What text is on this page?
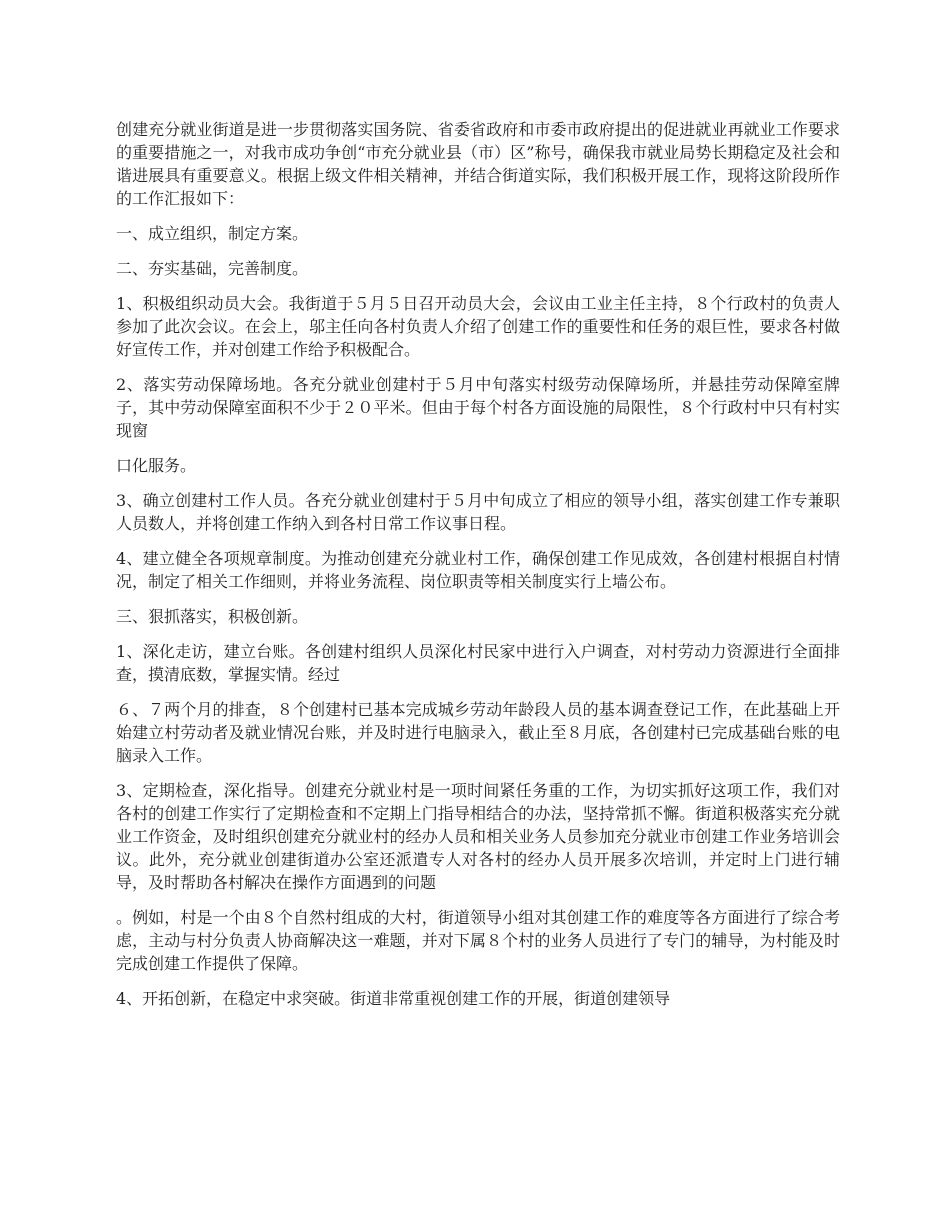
创建充分就业街道是进一步贯彻落实国务院、省委省政府和市委市政府提出的促进就业再就业工作要求的重要措施之一，对我市成功争创“市充分就业县（市）区”称号，确保我市就业局势长期稳定及社会和谐进展具有重要意义。根据上级文件相关精神，并结合街道实际，我们积极开展工作，现将这阶段所作的工作汇报如下：

一、成立组织，制定方案。

二、夯实基础，完善制度。

1、积极组织动员大会。我街道于５月５日召开动员大会，会议由工业主任主持，８个行政村的负责人参加了此次会议。在会上，邬主任向各村负责人介绍了创建工作的重要性和任务的艰巨性，要求各村做好宣传工作，并对创建工作给予积极配合。

2、落实劳动保障场地。各充分就业创建村于５月中旬落实村级劳动保障场所，并悬挂劳动保障室牌子，其中劳动保障室面积不少于２０平米。但由于每个村各方面设施的局限性，８个行政村中只有村实现窗

口化服务。

3、确立创建村工作人员。各充分就业创建村于５月中旬成立了相应的领导小组，落实创建工作专兼职人员数人，并将创建工作纳入到各村日常工作议事日程。

4、建立健全各项规章制度。为推动创建充分就业村工作，确保创建工作见成效，各创建村根据自村情况，制定了相关工作细则，并将业务流程、岗位职责等相关制度实行上墙公布。

三、狠抓落实，积极创新。

1、深化走访，建立台账。各创建村组织人员深化村民家中进行入户调查，对村劳动力资源进行全面排查，摸清底数，掌握实情。经过

６、７两个月的排查，８个创建村已基本完成城乡劳动年龄段人员的基本调查登记工作，在此基础上开始建立村劳动者及就业情况台账，并及时进行电脑录入，截止至８月底，各创建村已完成基础台账的电脑录入工作。

3、定期检查，深化指导。创建充分就业村是一项时间紧任务重的工作，为切实抓好这项工作，我们对各村的创建工作实行了定期检查和不定期上门指导相结合的办法，坚持常抓不懈。街道积极落实充分就业工作资金，及时组织创建充分就业村的经办人员和相关业务人员参加充分就业市创建工作业务培训会议。此外，充分就业创建街道办公室还派遣专人对各村的经办人员开展多次培训，并定时上门进行辅导，及时帮助各村解决在操作方面遇到的问题

。例如，村是一个由８个自然村组成的大村，街道领导小组对其创建工作的难度等各方面进行了综合考虑，主动与村分负责人协商解决这一难题，并对下属８个村的业务人员进行了专门的辅导，为村能及时完成创建工作提供了保障。

4、开拓创新，在稳定中求突破。街道非常重视创建工作的开展，街道创建领导
